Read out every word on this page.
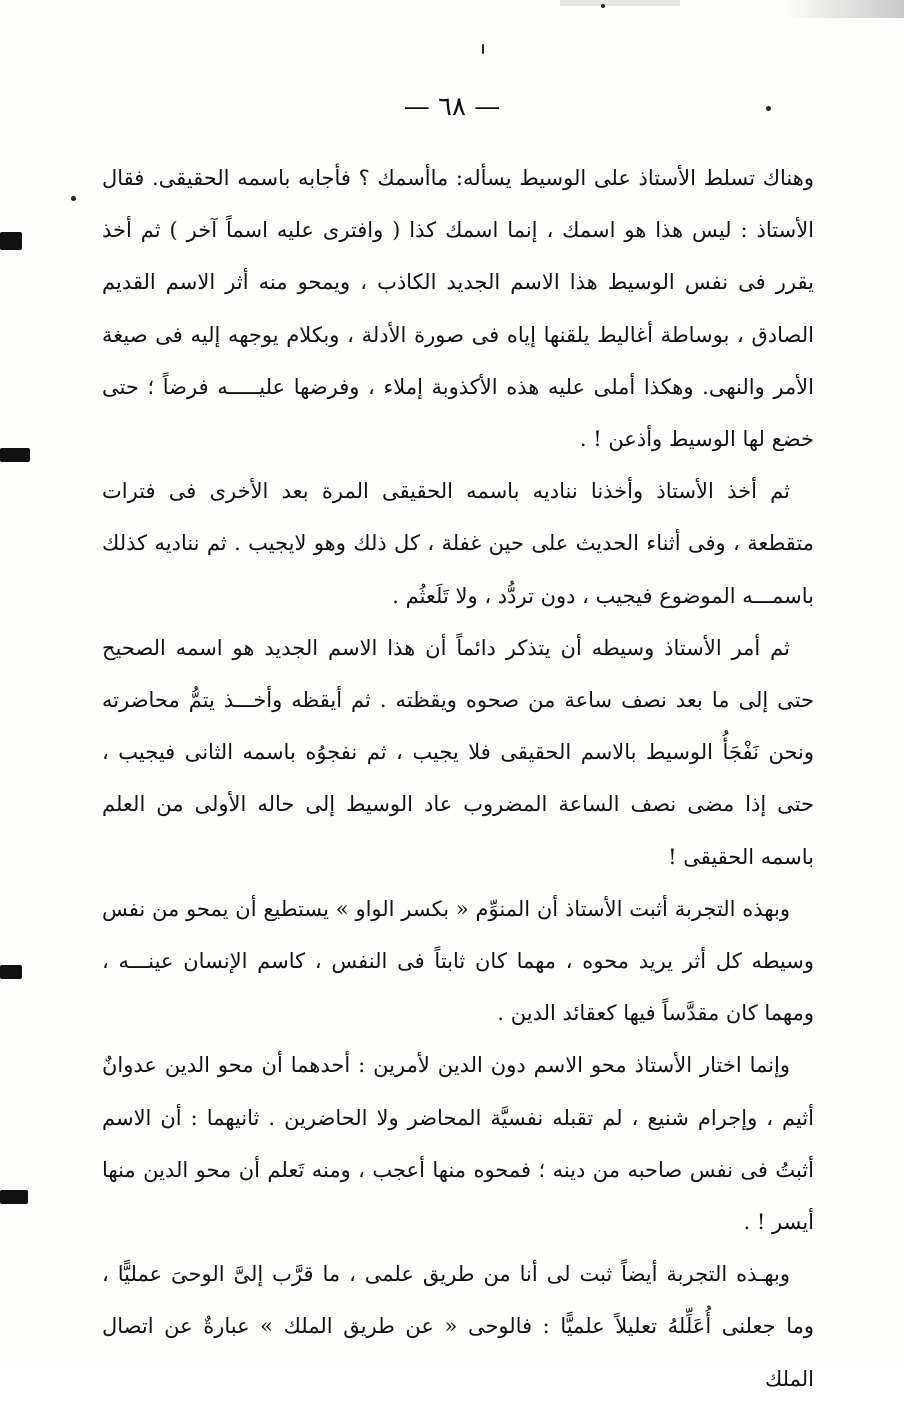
— ٦٨ —

وهناك تسلط الأستاذ على الوسيط يسأله: ماأسمك ؟ فأجابه باسمه الحقيقى. فقال الأستاذ : ليس هذا هو اسمك ، إنما اسمك كذا ( وافترى عليه اسماً آخر ) ثم أخذ يقرر فى نفس الوسيط هذا الاسم الجديد الكاذب ، ويمحو منه أثر الاسم القديم الصادق ، بوساطة أغاليط يلقنها إياه فى صورة الأدلة ، وبكلام يوجهه إليه فى صيغة الأمر والنهى. وهكذا أملى عليه هذه الأكذوبة إملاء ، وفرضها عليـــــه فرضاً ؛ حتى خضع لها الوسيط وأذعن ! .

ثم أخذ الأستاذ وأخذنا نناديه باسمه الحقيقى المرة بعد الأخرى فى فترات متقطعة ، وفى أثناء الحديث على حين غفلة ، كل ذلك وهو لايجيب . ثم نناديه كذلك باسمـــه الموضوع فيجيب ، دون تردُّد ، ولا تَلَعثُم .

ثم أمر الأستاذ وسيطه أن يتذكر دائماً أن هذا الاسم الجديد هو اسمه الصحيح حتى إلى ما بعد نصف ساعة من صحوه ويقظته . ثم أيقظه وأخـــذ يتمُّ محاضرته ونحن نَفْجَأُ الوسيط بالاسم الحقيقى فلا يجيب ، ثم نفجوُه باسمه الثانى فيجيب ، حتى إذا مضى نصف الساعة المضروب عاد الوسيط إلى حاله الأولى من العلم باسمه الحقيقى !

وبهذه التجربة أثبت الأستاذ أن المنوِّم « بكسر الواو » يستطيع أن يمحو من نفس وسيطه كل أثر يريد محوه ، مهما كان ثابتاً فى النفس ، كاسم الإنسان عينـــه ، ومهما كان مقدَّساً فيها كعقائد الدين .

وإنما اختار الأستاذ محو الاسم دون الدين لأمرين : أحدهما أن محو الدين عدوانٌ أثيم ، وإجرام شنيع ، لم تقبله نفسيَّة المحاضر ولا الحاضرين . ثانيهما : أن الاسم أثبتُ فى نفس صاحبه من دينه ؛ فمحوه منها أعجب ، ومنه تَعلم أن محو الدين منها أيسر ! .

وبهـذه التجربة أيضاً ثبت لى أنا من طريق علمى ، ما قرَّب إلىَّ الوحىَ عمليًّا ، وما جعلنى أُعَلِّلهُ تعليلاً علميًّا : فالوحى « عن طريق الملك » عبارةٌ عن اتصال الملك
